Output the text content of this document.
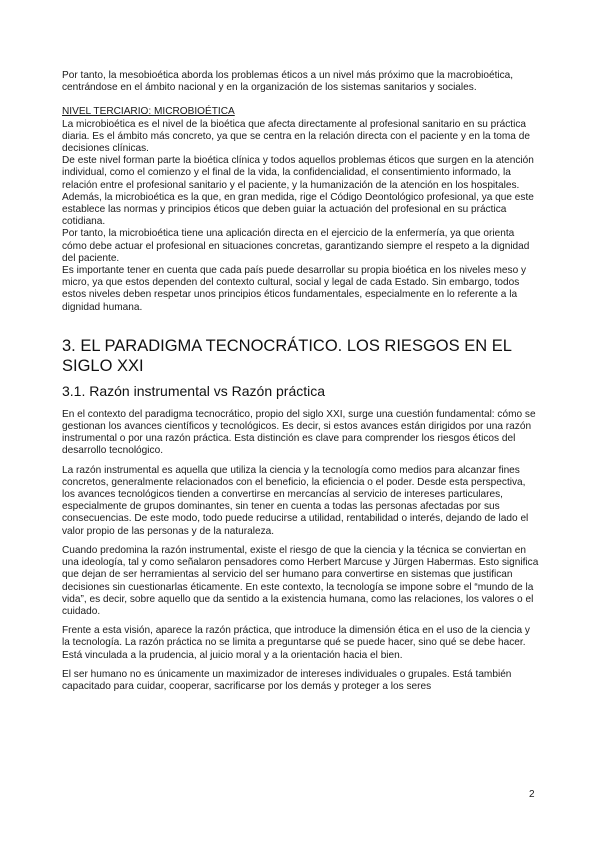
Por tanto, la mesobioética aborda los problemas éticos a un nivel más próximo que la macrobioética, centrándose en el ámbito nacional y en la organización de los sistemas sanitarios y sociales.

NIVEL TERCIARIO: MICROBIOÉTICA

La microbioética es el nivel de la bioética que afecta directamente al profesional sanitario en su práctica diaria. Es el ámbito más concreto, ya que se centra en la relación directa con el paciente y en la toma de decisiones clínicas.

De este nivel forman parte la bioética clínica y todos aquellos problemas éticos que surgen en la atención individual, como el comienzo y el final de la vida, la confidencialidad, el consentimiento informado, la relación entre el profesional sanitario y el paciente, y la humanización de la atención en los hospitales.

Además, la microbioética es la que, en gran medida, rige el Código Deontológico profesional, ya que este establece las normas y principios éticos que deben guiar la actuación del profesional en su práctica cotidiana.

Por tanto, la microbioética tiene una aplicación directa en el ejercicio de la enfermería, ya que orienta cómo debe actuar el profesional en situaciones concretas, garantizando siempre el respeto a la dignidad del paciente.

Es importante tener en cuenta que cada país puede desarrollar su propia bioética en los niveles meso y micro, ya que estos dependen del contexto cultural, social y legal de cada Estado. Sin embargo, todos estos niveles deben respetar unos principios éticos fundamentales, especialmente en lo referente a la dignidad humana.

3. EL PARADIGMA TECNOCRÁTICO. LOS RIESGOS EN EL SIGLO XXI
3.1. Razón instrumental vs Razón práctica

En el contexto del paradigma tecnocrático, propio del siglo XXI, surge una cuestión fundamental: cómo se gestionan los avances científicos y tecnológicos. Es decir, si estos avances están dirigidos por una razón instrumental o por una razón práctica. Esta distinción es clave para comprender los riesgos éticos del desarrollo tecnológico.

La razón instrumental es aquella que utiliza la ciencia y la tecnología como medios para alcanzar fines concretos, generalmente relacionados con el beneficio, la eficiencia o el poder. Desde esta perspectiva, los avances tecnológicos tienden a convertirse en mercancías al servicio de intereses particulares, especialmente de grupos dominantes, sin tener en cuenta a todas las personas afectadas por sus consecuencias. De este modo, todo puede reducirse a utilidad, rentabilidad o interés, dejando de lado el valor propio de las personas y de la naturaleza.

Cuando predomina la razón instrumental, existe el riesgo de que la ciencia y la técnica se conviertan en una ideología, tal y como señalaron pensadores como Herbert Marcuse y Jürgen Habermas. Esto significa que dejan de ser herramientas al servicio del ser humano para convertirse en sistemas que justifican decisiones sin cuestionarlas éticamente. En este contexto, la tecnología se impone sobre el “mundo de la vida”, es decir, sobre aquello que da sentido a la existencia humana, como las relaciones, los valores o el cuidado.

Frente a esta visión, aparece la razón práctica, que introduce la dimensión ética en el uso de la ciencia y la tecnología. La razón práctica no se limita a preguntarse qué se puede hacer, sino qué se debe hacer. Está vinculada a la prudencia, al juicio moral y a la orientación hacia el bien.

El ser humano no es únicamente un maximizador de intereses individuales o grupales. Está también capacitado para cuidar, cooperar, sacrificarse por los demás y proteger a los seres

2
